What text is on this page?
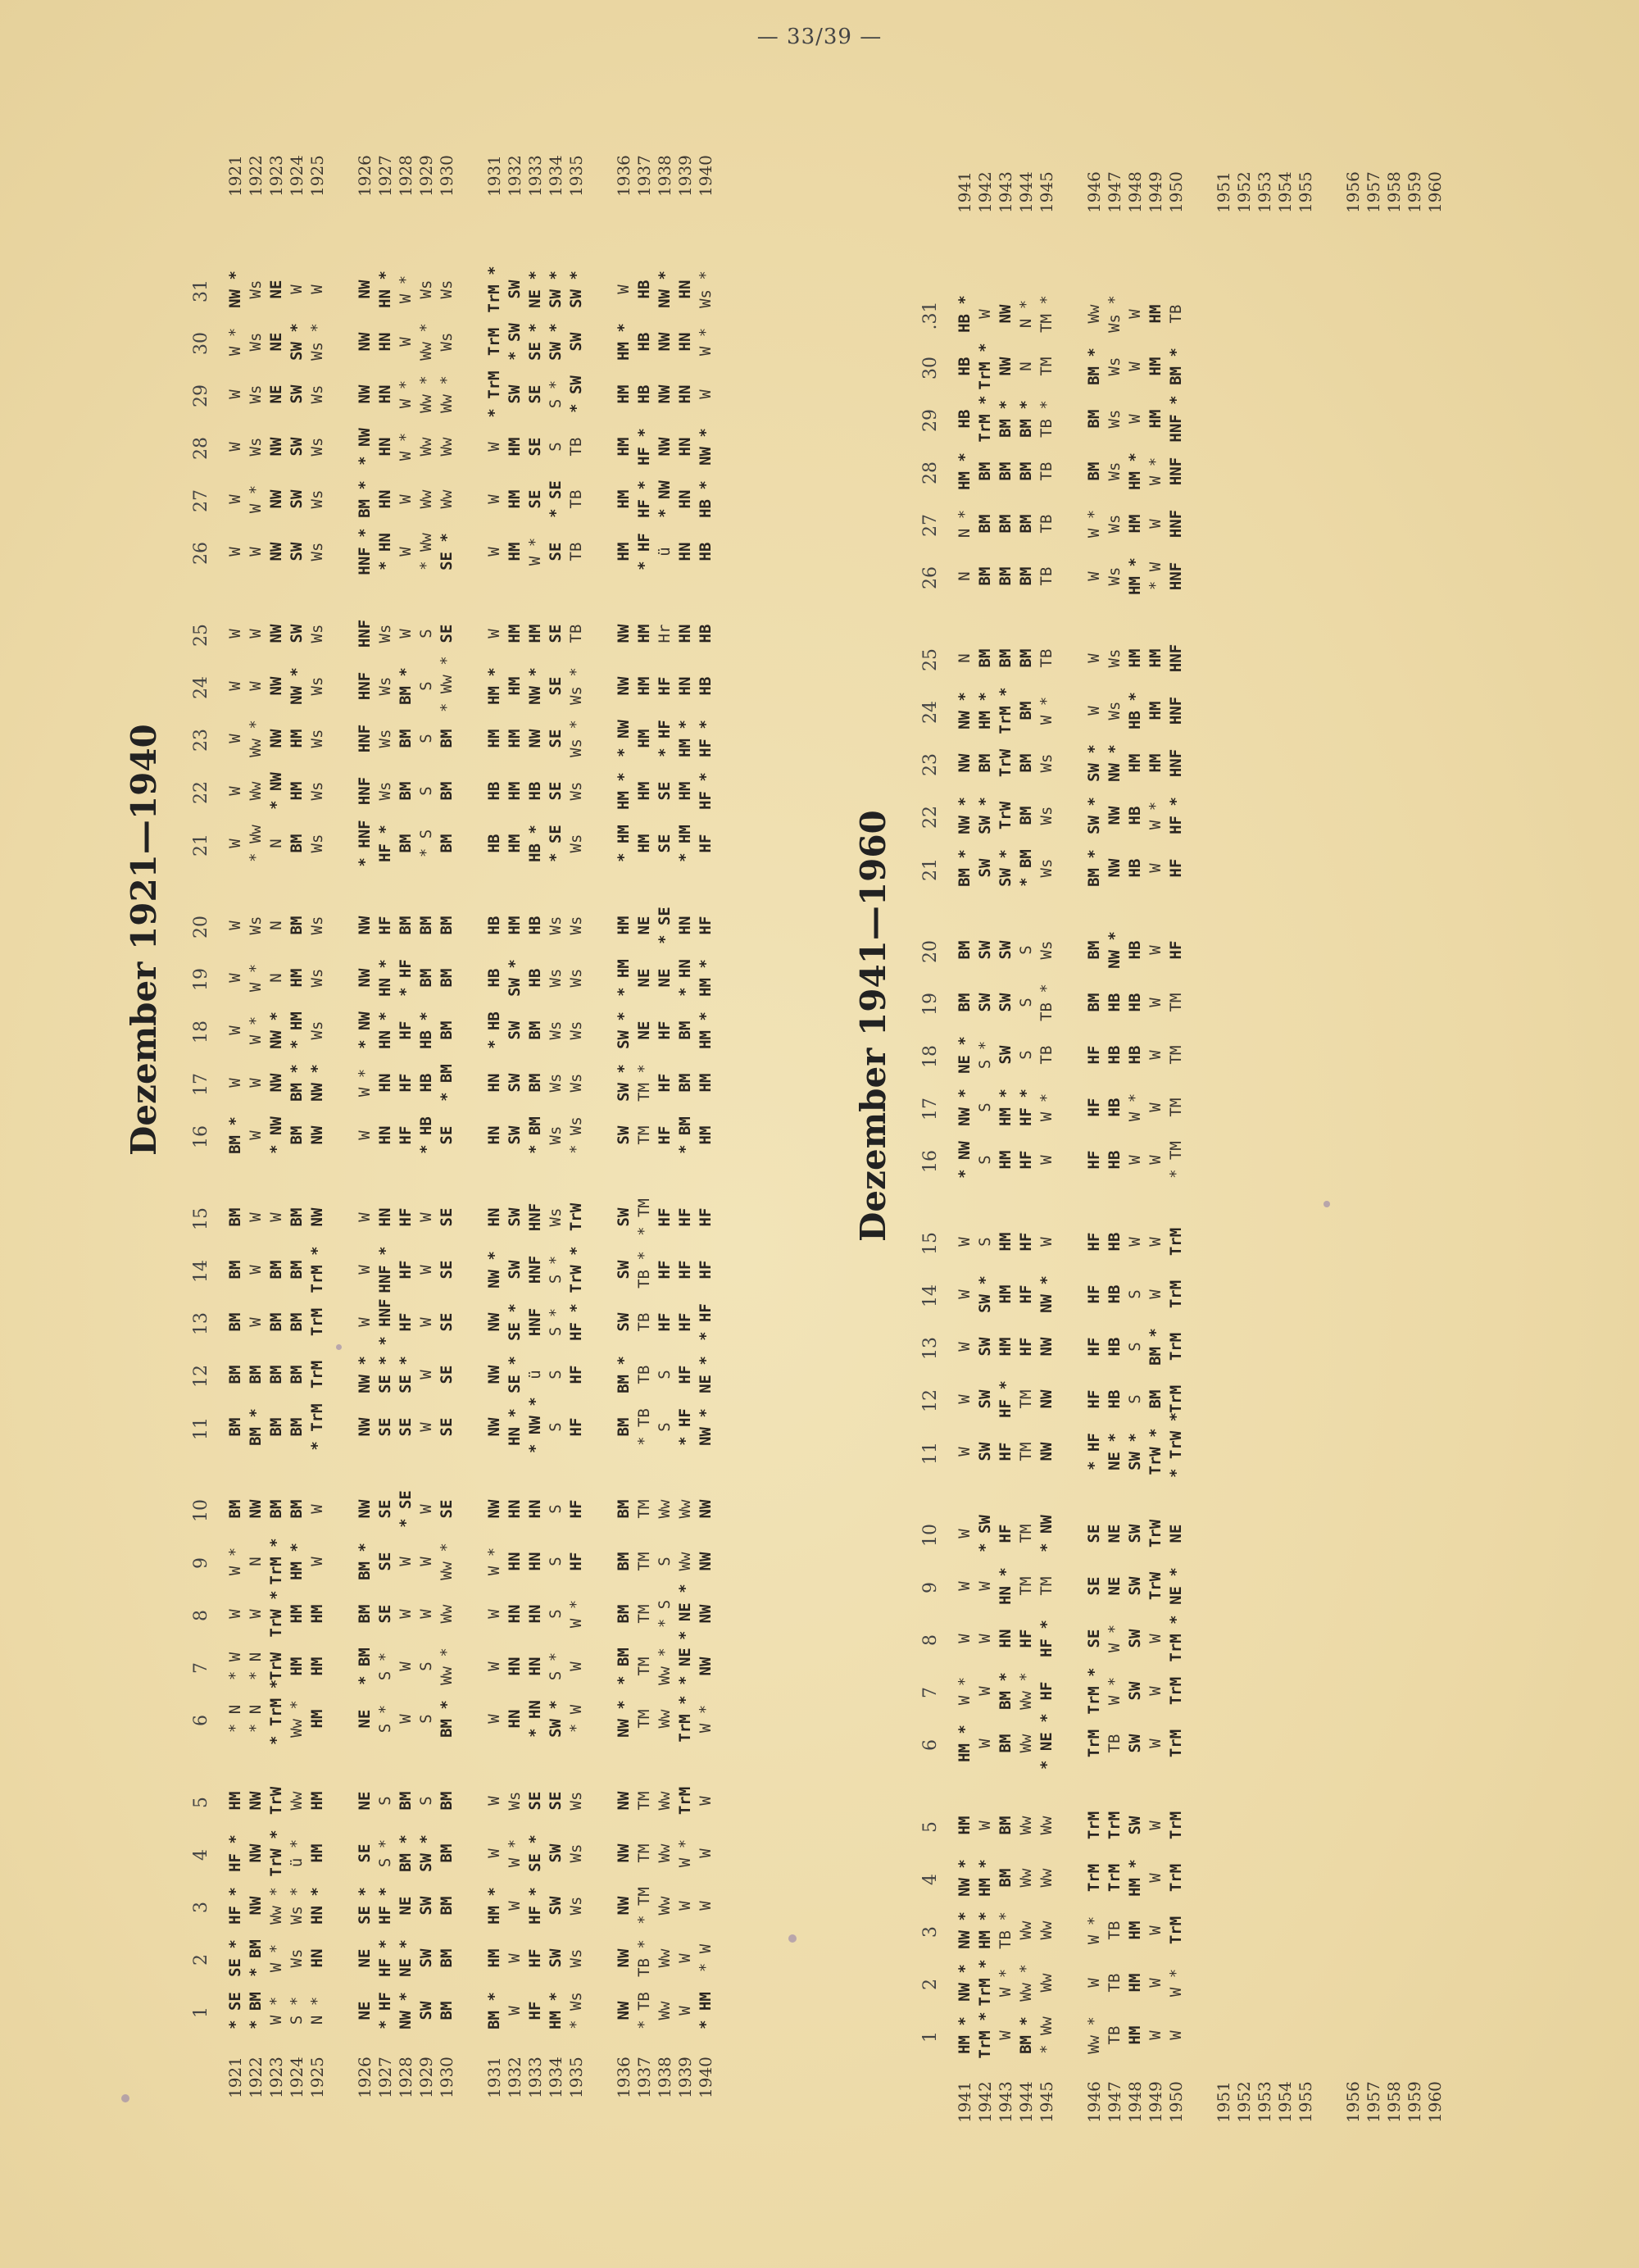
— 33/39 —
Dezember 1921—1940
1
2
3
4
5
6
7
8
9
10
11
12
13
14
15
16
17
18
19
20
21
22
23
24
25
26
27
28
29
30
31
1921
1921
* SE
SE *
HF *
HF *
HM
* N
* W
W
W *
BM
BM
BM
BM
BM
BM
BM *
W
W
W
W
W
W
W
W
W
W
W
W
W
W *
NW *
1922
1922
* BM
* BM
NW
NW
NW
* N
* N
W
N
NW
BM *
BM
W
W
W
W
W
W *
W *
Ws
* Ww
Ww
Ww *
W
W
W
W *
Ws
Ws
Ws
Ws
1923
1923
W *
W *
Ww *
TrW *
TrW
* TrM *
TrW
TrW *
TrM *
BM
BM
BM
BM
BM
W
* NW
NW
NW *
N
N
N
* NW
NW
NW
NW
NW
NW
NW
NE
NE
NE
1924
1924
S *
Ws
Ws *
ü *
Ww
Ww *
HM
HM
HM *
BM
BM
BM
BM
BM
BM
BM
BM *
* HM
HM
BM
BM
HM
HM
NW *
SW
SW
SW
SW
SW
SW *
W
1925
1925
N *
HN
HN *
HM
HM
HM
HM
HM
W
W
* TrM
TrM
TrM
TrM *
NW
NW
NW *
Ws
Ws
Ws
Ws
Ws
Ws
Ws
Ws
Ws
Ws
Ws
Ws
Ws *
W
1926
1926
NE
NE
SE *
SE
NE
NE
* BM
BM
BM *
NW
NW
NW *
W
W
W
W
W *
* NW
NW
NW
* HNF
HNF
HNF
HNF
HNF
HNF *
BM *
* NW
NW
NW
NW
1927
1927
* HF
HF *
HF *
S *
S
S *
S *
SE
SE
SE
SE
SE *
* HNF
HNF *
HN
HN
HN
HN *
HN *
HF
HF *
Ws
Ws
Ws
Ws
* HN
HN
HN
HN
HN
HN *
1928
1928
NW *
NE *
NE
BM *
BM
W
W
W
W
* SE
SE
SE *
HF
HF
HF
HF
HF
HF
* HF
BM
BM
BM
BM
BM *
W
W
W
W *
W *
W
W *
1929
1929
SW
SW
SW
SW *
S
S
S
W
W
W
W
W
W
W
W
* HB
HB
HB *
BM
BM
* S
S
S
S
S
* Ww
Ww
Ww
Ww *
Ww *
Ws
1930
1930
BM
BM
BM
BM
BM
BM *
Ww *
Ww
Ww *
SE
SE
SE
SE
SE
SE
SE
* BM
BM
BM
BM
BM
BM
BM
* Ww *
SE
SE *
Ww
Ww
Ww *
Ws
Ws
1931
1931
BM *
HM
HM *
W
W
W
W
W
W *
NW
NW
NW
NW
NW *
HN
HN
HN
* HB
HB
HB
HB
HB
HM
HM *
W
W
W
W
* TrM
TrM
TrM *
1932
1932
W
W
W
W *
Ws
HN
HN
HN
HN
HN
HN *
SE *
SE *
SW
SW
SW
SW
SW
SW *
HM
HM
HM
HM
HM
HM
HM
HM
HM
SW
* SW
SW
1933
1933
HF
HF
HF *
SE *
SE
* HN
HN
HN
HN
HN
* NW *
ü
HNF
HNF
HNF
* BM
BM
BM
HB
HB
HB *
HB
NW
NW *
HM
W *
SE
SE
SE
SE *
NE *
1934
1934
HM *
SW
SW
SW
SE
SW *
S *
S
S
S
S
S
S *
S *
Ws
Ws
Ws
Ws
Ws
Ws
* SE
SE
SE
SE
SE
SE
* SE
S
S *
SW *
SW *
1935
1935
* Ws
Ws
Ws
Ws
Ws
* W
W
W *
HF
HF
HF
HF
HF *
TrW *
TrW
* Ws
Ws
Ws
Ws
Ws
Ws
Ws
Ws *
Ws *
TB
TB
TB
TB
* SW
SW
SW *
1936
1936
NW
NW
NW
NW
NW
NW *
* BM
BM
BM
BM
BM
BM *
SW
SW
SW
SW
SW *
SW *
* HM
HM
* HM
HM *
* NW
NW
NW
HM
HM
HM
HM
HM *
W
1937
1937
* TB
TB *
* TM
TM
TM
TM
TM
TM
TM
TM
* TB
TB
TB
TB *
* TM
TM
TM *
NE
NE
NE
HM
HM
HM
HM
HM
* HF
HF *
HF *
HB
HB
HB
1938
1938
Ww
Ww
Ww
Ww
Ww
Ww
Ww *
* S
S
Ww
S
S
HF
HF
HF
HF
HF
HF
NE
* SE
SE
SE
* HF
HF
Hr
ü
* NW
NW
NW
NW
NW *
1939
1939
W
W
W
W *
TrM
TrM *
* NE
* NE *
Ww
Ww
* HF
HF
HF
HF
HF
* BM
BM
BM
* HN
HN
* HM
HM
HM *
HN
HN
HN
HN
HN
HN
HN
HN
1940
1940
* HM
* W
W
W
W
W *
NW
NW
NW
NW
NW *
NE *
* HF
HF
HF
HM
HM
HM *
HM *
HF
HF
HF *
HF *
HB
HB
HB
HB *
NW *
W
W *
Ws *
Dezember 1941—1960
1
2
3
4
5
6
7
8
9
10
11
12
13
14
15
16
17
18
19
20
21
22
23
24
25
26
27
28
29
30
.31
1941
1941
HM *
NW *
NW *
NW *
HM
HM *
W *
W
W
W
W
W
W
W
W
* NW
NW *
NE *
BM
BM
BM *
NW *
NW
NW *
N
N
N *
HM *
HB
HB
HB *
1942
1942
TrM *
TrM *
HM *
HM *
W
W
W
W
W
* SW
SW
SW
SW
SW *
S
S
S
S *
SW
SW
SW
SW *
BM
HM *
BM
BM
BM
BM
TrM *
TrM *
W
1943
1943
W
W *
TB *
BM
BM
BM
BM *
HN
HN *
HF
HF
HF *
HM
HM
HM
HM
HM *
SW
SW
SW
SW *
TrW
TrW
TrM *
BM
BM
BM
BM
BM *
NW
NW
1944
1944
BM *
Ww *
Ww
Ww
Ww
Ww
Ww *
HF
TM
TM
TM
TM
HF
HF
HF
HF
HF *
S
S
S
* BM
BM
BM
BM
BM
BM
BM
BM
BM *
N
N *
1945
1945
* Ww
Ww
Ww
Ww
Ww
* NE *
HF
HF *
TM
* NW
NW
NW
NW
NW *
W
W
W *
TB
TB *
Ws
Ws
Ws
Ws
W *
TB
TB
TB
TB
TB *
TM
TM *
1946
1946
Ww *
W
W *
TrM
TrM
TrM
TrM *
SE
SE
SE
* HF
HF
HF
HF
HF
HF
HF
HF
BM
BM
BM *
SW *
SW *
W
W
W
W *
BM
BM
BM *
Ww
1947
1947
TB
TB
TB
TrM
TrM
TB
W *
W *
NE
NE
NE *
HB
HB
HB
HB
HB
HB
HB
HB
NW *
NW
NW
NW *
Ws
Ws
Ws
Ws
Ws
Ws
Ws
Ws *
1948
1948
HM
HM
HM
HM *
SW
SW
SW
SW
SW
SW
SW *
S
S
S
W
W
W *
HB
HB
HB
HB
HB
HM
HB *
HM
HM *
HM
HM *
W
W
W
1949
1949
W
W
W
W
W
W
W
W
TrW
TrW
TrW *
BM
BM *
W
W
W
W
W
W
W
W
W *
HM
HM
HM
* W
W
W *
HM
HM
HM
1950
1950
W
W *
TrM
TrM
TrM
TrM
TrM
TrM *
NE *
NE
* TrW *
TrM
TrM
TrM
TrM
* TM
TM
TM
TM
HF
HF
HF *
HNF
HNF
HNF
HNF
HNF
HNF
HNF *
BM *
TB
1951
1951
1952
1952
1953
1953
1954
1954
1955
1955
1956
1956
1957
1957
1958
1958
1959
1959
1960
1960
